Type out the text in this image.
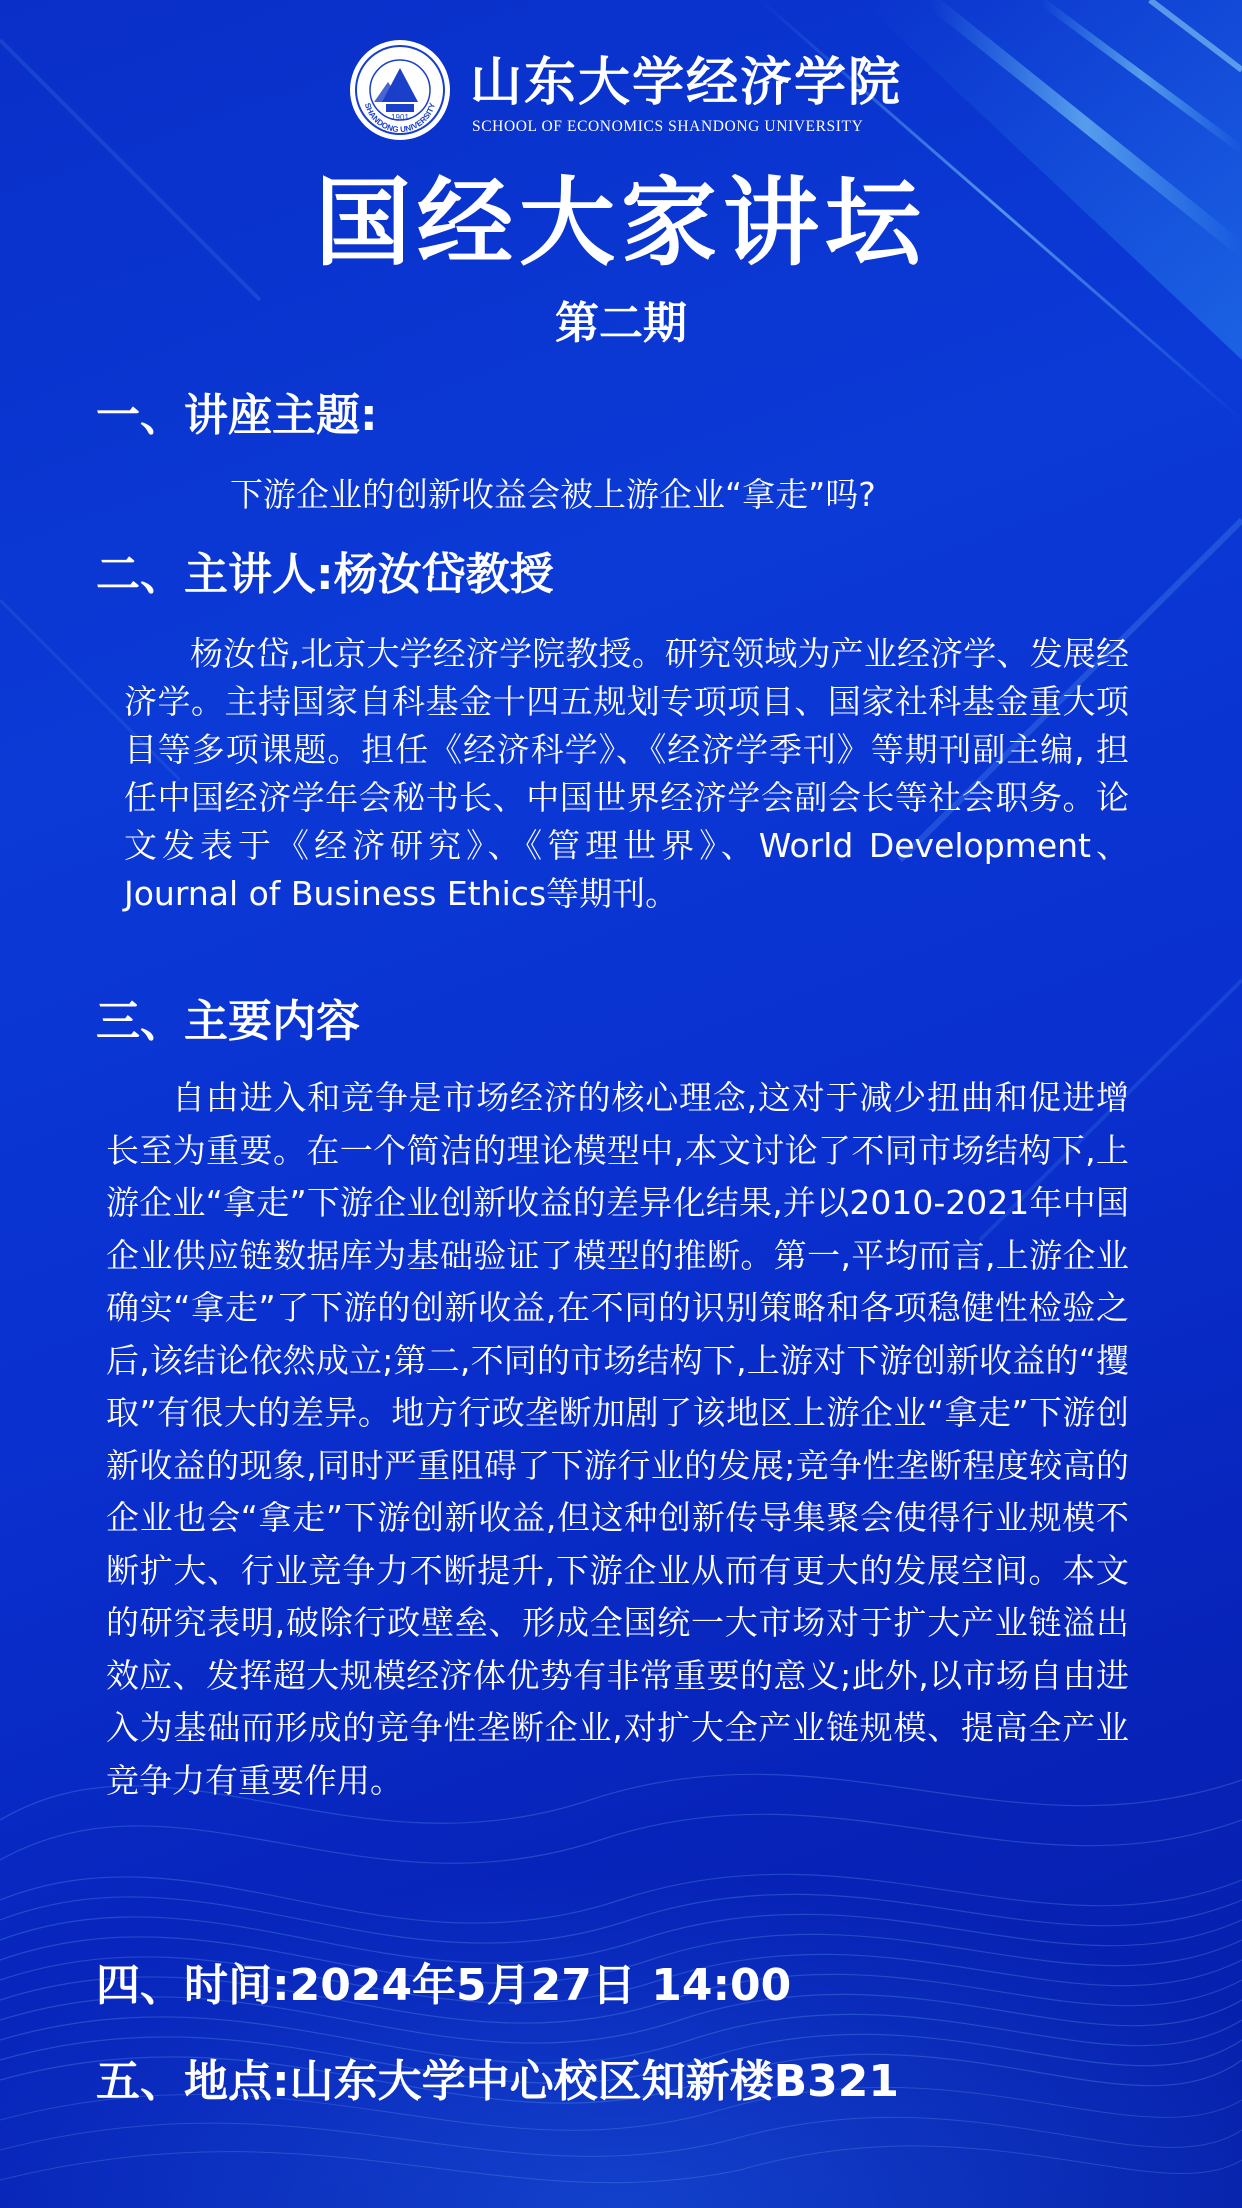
SHANDONG UNIVERSITY
1901
山东大学经济学院
SCHOOL OF ECONOMICS SHANDONG UNIVERSITY
国经大家讲坛
第二期
一、讲座主题:
下游企业的创新收益会被上游企业“拿走”吗?
二、主讲人:杨汝岱教授

杨汝岱,北京大学经济学院教授。研究领域为产业经济学、发展经济学。主持国家自科基金十四五规划专项项目、国家社科基金重大项目等多项课题。担任《经济科学》、《经济学季刊》等期刊副主编, 担任中国经济学年会秘书长、中国世界经济学会副会长等社会职务。论文发表于《经济研究》、《管理世界》、World Development、Journal of Business Ethics等期刊。

三、主要内容

自由进入和竞争是市场经济的核心理念,这对于减少扭曲和促进增长至为重要。在一个简洁的理论模型中,本文讨论了不同市场结构下,上游企业“拿走”下游企业创新收益的差异化结果,并以2010-2021年中国企业供应链数据库为基础验证了模型的推断。第一,平均而言,上游企业确实“拿走”了下游的创新收益,在不同的识别策略和各项稳健性检验之后,该结论依然成立;第二,不同的市场结构下,上游对下游创新收益的“攫取”有很大的差异。地方行政垄断加剧了该地区上游企业“拿走”下游创新收益的现象,同时严重阻碍了下游行业的发展;竞争性垄断程度较高的企业也会“拿走”下游创新收益,但这种创新传导集聚会使得行业规模不断扩大、行业竞争力不断提升,下游企业从而有更大的发展空间。本文的研究表明,破除行政壁垒、形成全国统一大市场对于扩大产业链溢出效应、发挥超大规模经济体优势有非常重要的意义;此外,以市场自由进入为基础而形成的竞争性垄断企业,对扩大全产业链规模、提高全产业竞争力有重要作用。

四、时间:2024年5月27日 14:00
五、地点:山东大学中心校区知新楼B321
